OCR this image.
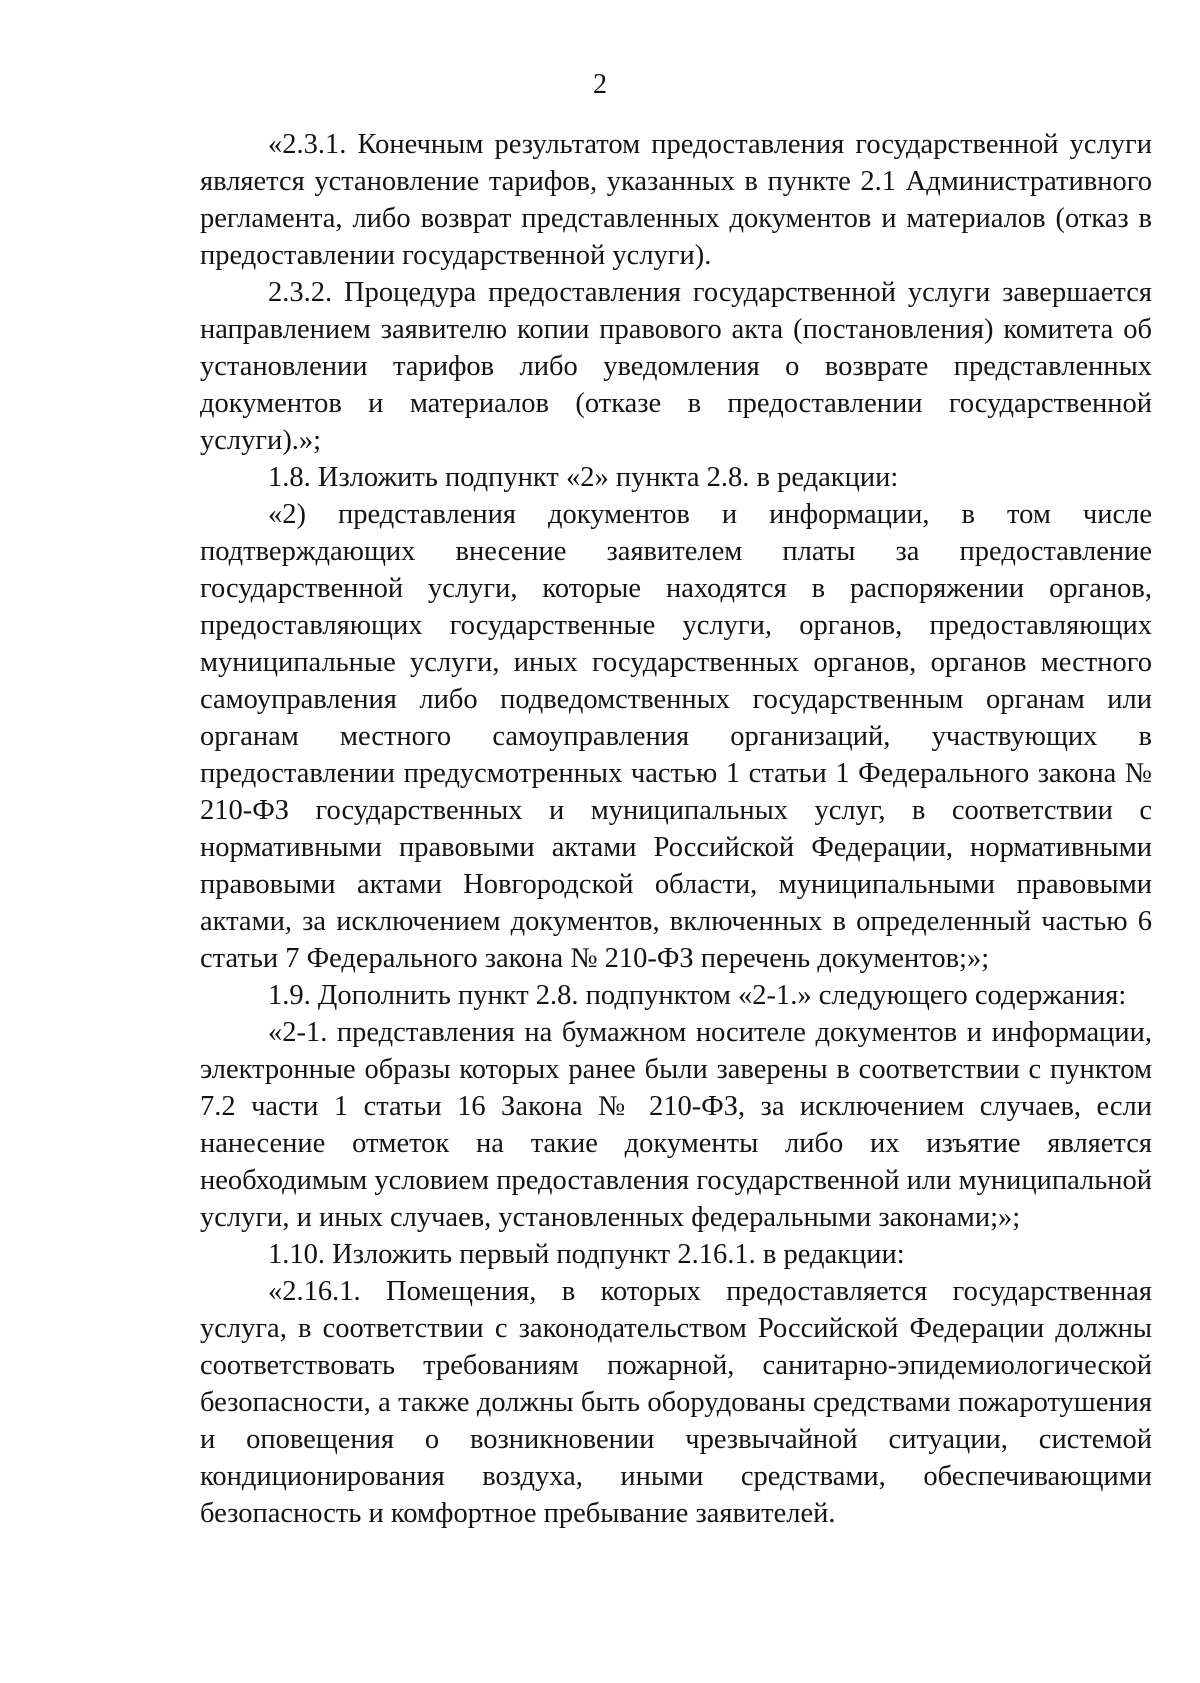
2

«2.3.1. Конечным результатом предоставления государственной услуги является установление тарифов, указанных в пункте 2.1 Административного регламента, либо возврат представленных документов и материалов (отказ в предоставлении государственной услуги).

2.3.2. Процедура предоставления государственной услуги завершается направлением заявителю копии правового акта (постановления) комитета об установлении тарифов либо уведомления о возврате представленных документов и материалов (отказе в предоставлении государственной услуги).»;

1.8. Изложить подпункт «2» пункта 2.8. в редакции:

«2) представления документов и информации, в том числе подтверждающих внесение заявителем платы за предоставление государственной услуги, которые находятся в распоряжении органов, предоставляющих государственные услуги, органов, предоставляющих муниципальные услуги, иных государственных органов, органов местного самоуправления либо подведомственных государственным органам или органам местного самоуправления организаций, участвующих в предоставлении предусмотренных частью 1 статьи 1 Федерального закона № 210-ФЗ государственных и муниципальных услуг, в соответствии с нормативными правовыми актами Российской Федерации, нормативными правовыми актами Новгородской области, муниципальными правовыми актами, за исключением документов, включенных в определенный частью 6 статьи 7 Федерального закона № 210-ФЗ перечень документов;»;

1.9. Дополнить пункт 2.8. подпунктом «2-1.» следующего содержания:

«2-1. представления на бумажном носителе документов и информации, электронные образы которых ранее были заверены в соответствии с пунктом 7.2 части 1 статьи 16 Закона № 210-ФЗ, за исключением случаев, если нанесение отметок на такие документы либо их изъятие является необходимым условием предоставления государственной или муниципальной услуги, и иных случаев, установленных федеральными законами;»;

1.10. Изложить первый подпункт 2.16.1. в редакции:

«2.16.1. Помещения, в которых предоставляется государственная услуга, в соответствии с законодательством Российской Федерации должны соответствовать требованиям пожарной, санитарно-эпидемиологической безопасности, а также должны быть оборудованы средствами пожаротушения и оповещения о возникновении чрезвычайной ситуации, системой кондиционирования воздуха, иными средствами, обеспечивающими безопасность и комфортное пребывание заявителей.
